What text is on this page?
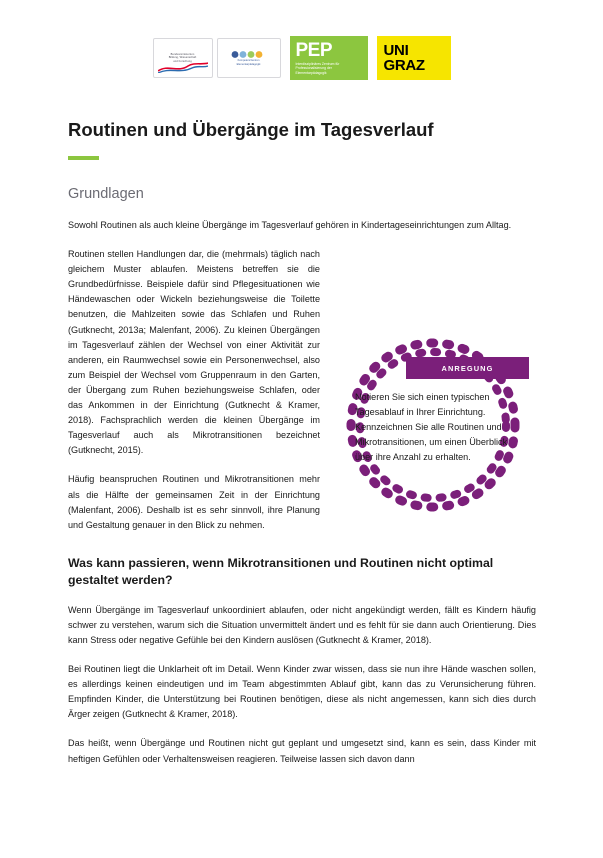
Bundesministerium
Bildung, Wissenschaft
und Forschung	Kompetenzzentren
Elementarpädagogik
PEP
Interdisziplinäres Zentrum für Professionalisierung der Elementarpädagogik
UNI
GRAZ
Routinen und Übergänge im Tagesverlauf
Grundlagen

Sowohl Routinen als auch kleine Übergänge im Tagesverlauf gehören in Kindertageseinrichtungen zum Alltag.

Routinen stellen Handlungen dar, die (mehrmals) täglich nach gleichem Muster ablaufen. Meistens betreffen sie die Grundbedürfnisse. Beispiele dafür sind Pflegesituationen wie Händewaschen oder Wickeln beziehungsweise die Toilette benutzen, die Mahlzeiten sowie das Schlafen und Ruhen (Gutknecht, 2013a; Malenfant, 2006). Zu kleinen Übergängen im Tagesverlauf zählen der Wechsel von einer Aktivität zur anderen, ein Raumwechsel sowie ein Personenwechsel, also zum Beispiel der Wechsel vom Gruppenraum in den Garten, der Übergang zum Ruhen beziehungsweise Schlafen, oder das Ankommen in der Einrichtung (Gutknecht & Kramer, 2018). Fachsprachlich werden die kleinen Übergänge im Tagesverlauf auch als Mikrotransitionen bezeichnet (Gutknecht, 2015).

Häufig beanspruchen Routinen und Mikrotransitionen mehr als die Hälfte der gemeinsamen Zeit in der Einrichtung (Malenfant, 2006). Deshalb ist es sehr sinnvoll, ihre Planung und Gestaltung genauer in den Blick zu nehmen.

Was kann passieren, wenn Mikrotransitionen und Routinen nicht optimal gestaltet werden?

Wenn Übergänge im Tagesverlauf unkoordiniert ablaufen, oder nicht angekündigt werden, fällt es Kindern häufig schwer zu verstehen, warum sich die Situation unvermittelt ändert und es fehlt für sie dann auch Orientierung. Dies kann Stress oder negative Gefühle bei den Kindern auslösen (Gutknecht & Kramer, 2018).

Bei Routinen liegt die Unklarheit oft im Detail. Wenn Kinder zwar wissen, dass sie nun ihre Hände waschen sollen, es allerdings keinen eindeutigen und im Team abgestimmten Ablauf gibt, kann das zu Verunsicherung führen. Empfinden Kinder, die Unterstützung bei Routinen benötigen, diese als nicht angemessen, kann sich dies durch Ärger zeigen (Gutknecht & Kramer, 2018).

Das heißt, wenn Übergänge und Routinen nicht gut geplant und umgesetzt sind, kann es sein, dass Kinder mit heftigen Gefühlen oder Verhaltensweisen reagieren. Teilweise lassen sich davon dann

ANREGUNG
Notieren Sie sich einen typischen Tagesablauf in Ihrer Einrichtung. Kennzeichnen Sie alle Routinen und Mikrotransitionen, um einen Überblick über ihre Anzahl zu erhalten.
